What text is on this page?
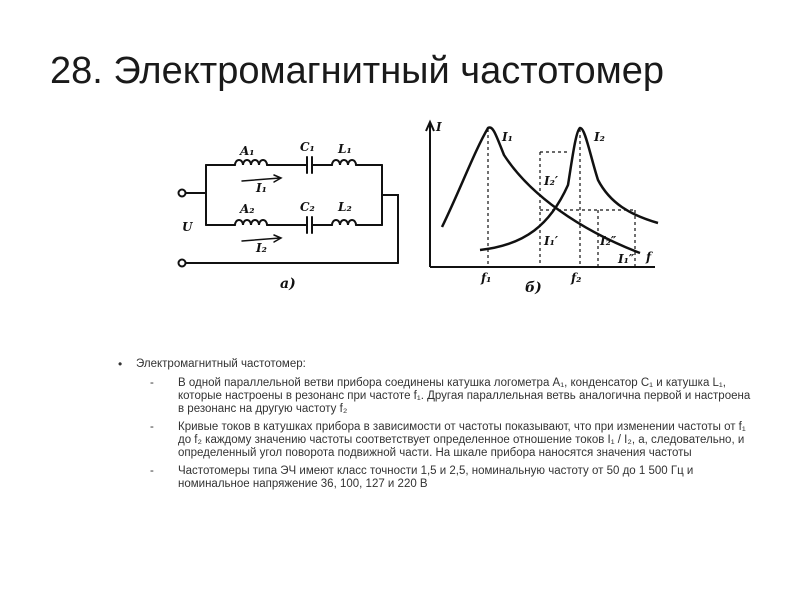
28. Электромагнитный частотомер
A₁	C₁ L₁
I₁
A₂	C₂ L₂
I₂
U
а)
I
f
I₁	I₂
f₁	f₂
I₂′
I₁′	I₂″
I₁″
б)
• Электромагнитный частотомер:
- В одной параллельной ветви прибора соединены катушка логометра А₁, конденсатор С₁ и катушка L₁, которые настроены в резонанс при частоте f₁. Другая параллельная ветвь аналогична первой и настроена в резонанс на другую частоту f₂
- Кривые токов в катушках прибора в зависимости от частоты показывают, что при изменении частоты от f₁ до f₂ каждому значению частоты соответствует определенное отношение токов I₁ / I₂, а, следовательно, и определенный угол поворота подвижной части. На шкале прибора наносятся значения частоты
- Частотомеры типа ЭЧ имеют класс точности 1,5 и 2,5, номинальную частоту от 50 до 1 500 Гц и номинальное напряжение 36, 100, 127 и 220 В
